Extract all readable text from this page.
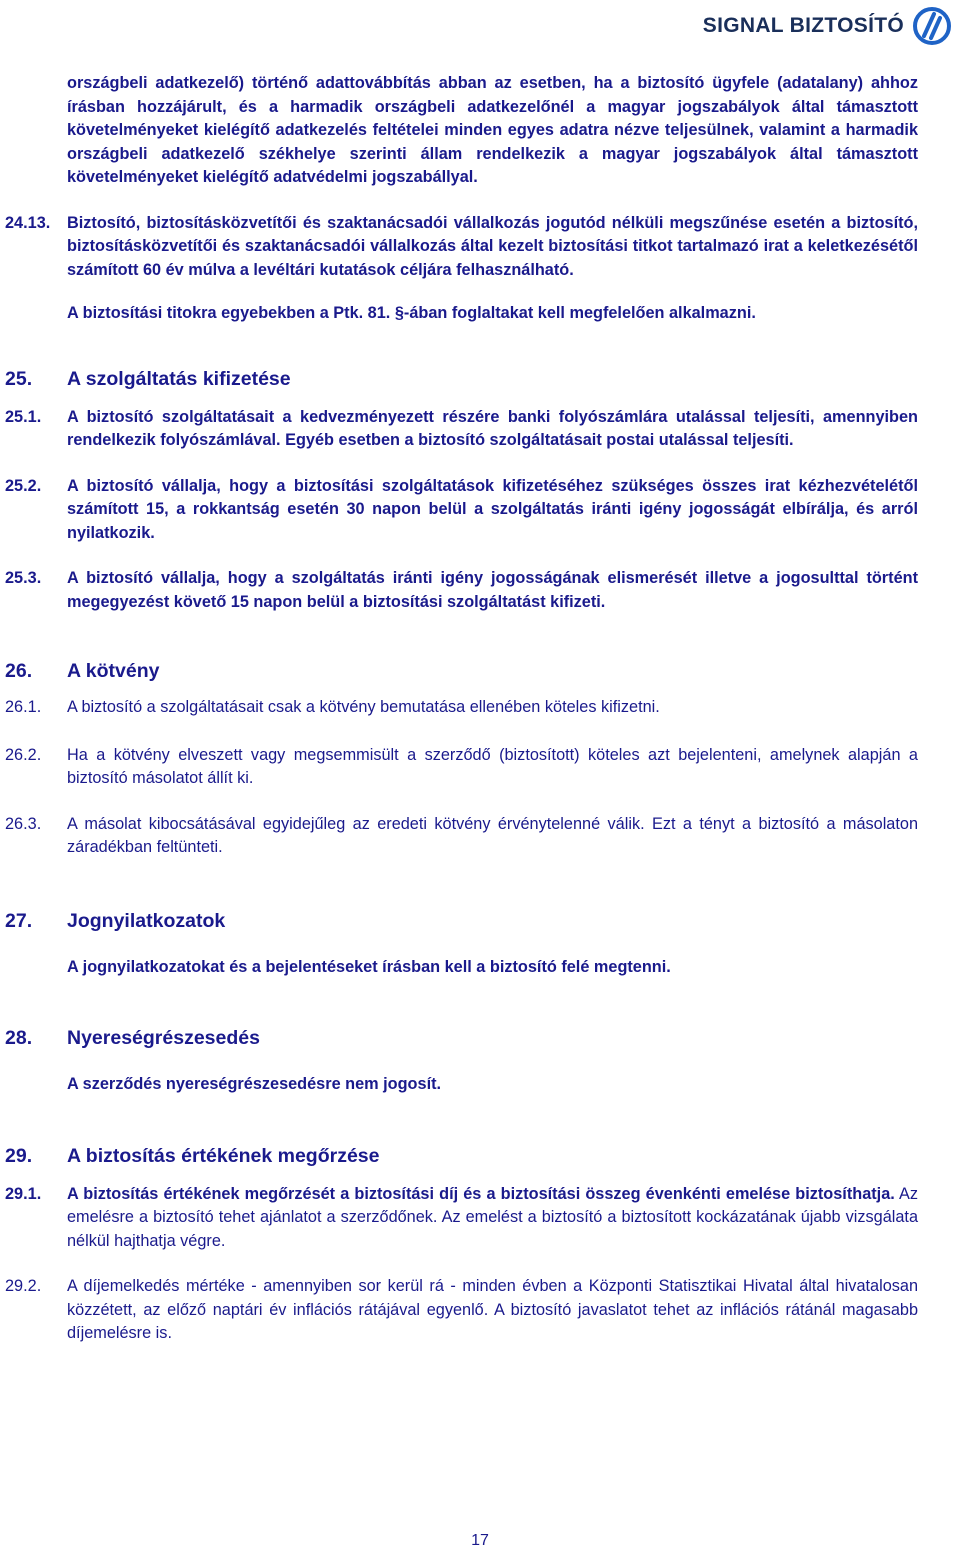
SIGNAL BIZTOSÍTÓ

országbeli adatkezelő) történő adattovábbítás abban az esetben, ha a biztosító ügyfele (adatalany) ahhoz írásban hozzájárult, és a harmadik országbeli adatkezelőnél a magyar jogszabályok által támasztott követelményeket kielégítő adatkezelés feltételei minden egyes adatra nézve teljesülnek, valamint a harmadik országbeli adatkezelő székhelye szerinti állam rendelkezik a magyar jogszabályok által támasztott követelményeket kielégítő adatvédelmi jogszabállyal.

24.13. Biztosító, biztosításközvetítői és szaktanácsadói vállalkozás jogutód nélküli megszűnése esetén a biztosító, biztosításközvetítői és szaktanácsadói vállalkozás által kezelt biztosítási titkot tartalmazó irat a keletkezésétől számított 60 év múlva a levéltári kutatások céljára felhasználható.

A biztosítási titokra egyebekben a Ptk. 81. §-ában foglaltakat kell megfelelően alkalmazni.

25. A szolgáltatás kifizetése
25.1. A biztosító szolgáltatásait a kedvezményezett részére banki folyószámlára utalással teljesíti, amennyiben rendelkezik folyószámlával. Egyéb esetben a biztosító szolgáltatásait postai utalással teljesíti.

25.2. A biztosító vállalja, hogy a biztosítási szolgáltatások kifizetéséhez szükséges összes irat kézhezvételétől számított 15, a rokkantság esetén 30 napon belül a szolgáltatás iránti igény jogosságát elbírálja, és arról nyilatkozik.

25.3. A biztosító vállalja, hogy a szolgáltatás iránti igény jogosságának elismerését illetve a jogosulttal történt megegyezést követő 15 napon belül a biztosítási szolgáltatást kifizeti.

26. A kötvény
26.1. A biztosító a szolgáltatásait csak a kötvény bemutatása ellenében köteles kifizetni.

26.2. Ha a kötvény elveszett vagy megsemmisült a szerződő (biztosított) köteles azt bejelenteni, amelynek alapján a biztosító másolatot állít ki.

26.3. A másolat kibocsátásával egyidejűleg az eredeti kötvény érvénytelenné válik. Ezt a tényt a biztosító a másolaton záradékban feltünteti.

27. Jognyilatkozatok

A jognyilatkozatokat és a bejelentéseket írásban kell a biztosító felé megtenni.

28. Nyereségrészesedés

A szerződés nyereségrészesedésre nem jogosít.

29. A biztosítás értékének megőrzése
29.1. A biztosítás értékének megőrzését a biztosítási díj és a biztosítási összeg évenkénti emelése biztosíthatja. Az emelésre a biztosító tehet ajánlatot a szerződőnek. Az emelést a biztosító a biztosított kockázatának újabb vizsgálata nélkül hajthatja végre.

29.2. A díjemelkedés mértéke - amennyiben sor kerül rá - minden évben a Központi Statisztikai Hivatal által hivatalosan közzétett, az előző naptári év inflációs rátájával egyenlő. A biztosító javaslatot tehet az inflációs rátánál magasabb díjemelésre is.

17
